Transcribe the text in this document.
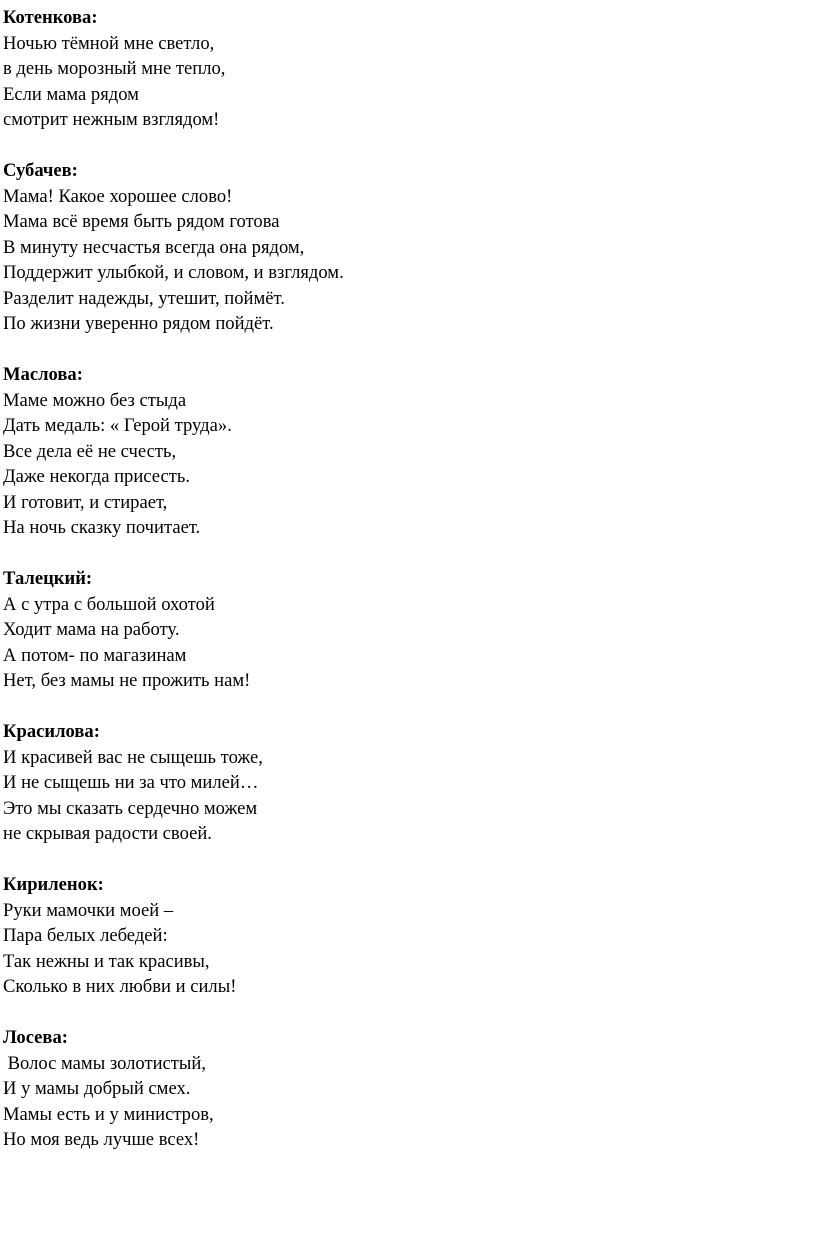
Котенкова:
Ночью тёмной мне светло,
в день морозный мне тепло,
Если мама рядом
смотрит нежным взглядом!
Субачев:
Мама! Какое хорошее слово!
Мама всё время быть рядом готова
В минуту несчастья всегда она рядом,
Поддержит улыбкой, и словом, и взглядом.
Разделит надежды, утешит, поймёт.
По жизни уверенно рядом пойдёт.
Маслова:
Маме можно без стыда
Дать медаль: « Герой труда».
Все дела её не счесть,
Даже некогда присесть.
И готовит, и стирает,
На ночь сказку почитает.
Талецкий:
А с утра с большой охотой
Ходит мама на работу.
А потом- по магазинам
Нет, без мамы не прожить нам!
Красилова:
И красивей вас не сыщешь тоже,
И не сыщешь ни за что милей…
Это мы сказать сердечно можем
не скрывая радости своей.
Кириленок:
Руки мамочки моей –
Пара белых лебедей:
Так нежны и так красивы,
Сколько в них любви и силы!
Лосева:
Волос мамы золотистый,
И у мамы добрый смех.
Мамы есть и у министров,
Но моя ведь лучше всех!
